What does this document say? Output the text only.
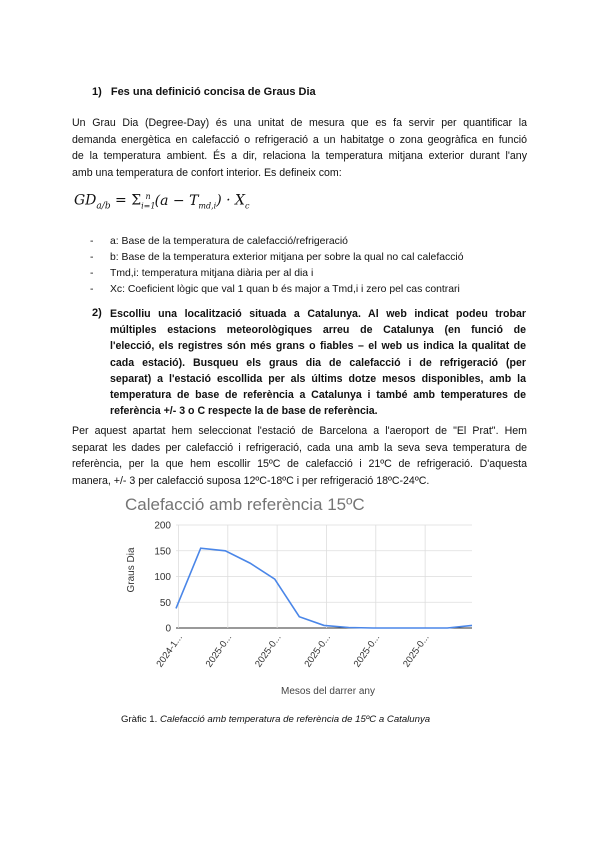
1) Fes una definició concisa de Graus Dia
Un Grau Dia (Degree-Day) és una unitat de mesura que es fa servir per quantificar la
demanda energètica en calefacció o refrigeració a un habitatge o zona geogràfica en funció
de la temperatura ambient. És a dir, relaciona la temperatura mitjana exterior durant l'any
amb una temperatura de confort interior. Es defineix com:
$GD_{a/b} = \Sigma_{i=1}^n$ $(a - T_{md,i}) \cdot X_c$
- a: Base de la temperatura de calefacció/refrigeració
- b: Base de la temperatura exterior mitjana per sobre la qual no cal calefacció
- Tmd,i: temperatura mitjana diària per al dia i
- Xc: Coeficient lògic que val 1 quan b és major a Tmd,i i zero pel cas contrari
2) Escolliu una localització situada a Catalunya. Al web indicat podeu trobar
múltiples estacions meteorològiques arreu de Catalunya (en funció de
l'elecció, els registres són més grans o fiables – el web us indica la qualitat de
cada estació). Busqueu els graus dia de calefacció i de refrigeració (per
separat) a l'estació escollida per als últims dotze mesos disponibles, amb la
temperatura de base de referència a Catalunya i també amb temperatures de
referència +/- 3 o C respecte la de base de referència.
Per aquest apartat hem seleccionat l'estació de Barcelona a l'aeroport de "El Prat". Hem
separat les dades per calefacció i refrigeració, cada una amb la seva seva temperatura de
referència, per la que hem escollir 15ºC de calefacció i 21ºC de refrigeració. D'aquesta
manera, +/- 3 per calefacció suposa 12ºC-18ºC i per refrigeració 18ºC-24ºC.
Calefacció amb referència 15ºC
0
50
100
150
200
2024-1... 2025-0... 2025-0... 2025-0... 2025-0... 2025-0...
Graus Dia
Mesos del darrer any
Gràfic 1. Calefacció amb temperatura de referència de 15ºC a Catalunya
